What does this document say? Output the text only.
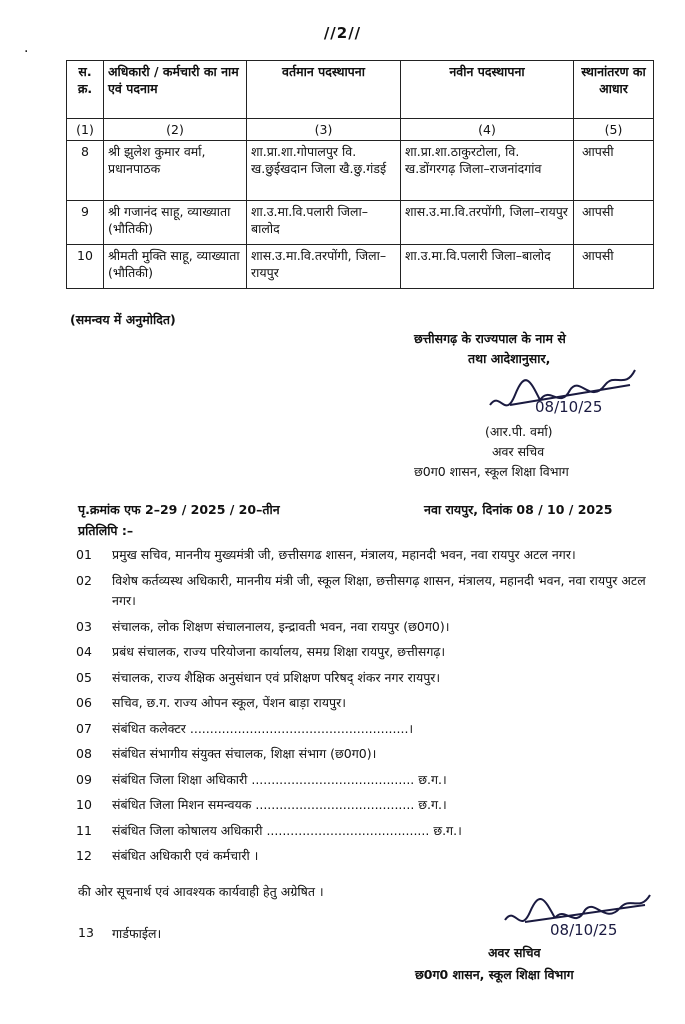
//2//
·
स. क्र.	अधिकारी / कर्मचारी का नाम एवं पदनाम	वर्तमान पदस्थापना	नवीन पदस्थापना	स्थानांतरण का आधार
(1)	(2)	(3)	(4)	(5)
8	श्री झुलेश कुमार वर्मा, प्रधानपाठक	शा.प्रा.शा.गोपालपुर वि. ख.छुईखदान जिला खै.छु.गंडई	शा.प्रा.शा.ठाकुरटोला, वि. ख.डोंगरगढ़ जिला–राजनांदगांव	आपसी
9	श्री गजानंद साहू, व्याख्याता (भौतिकी)	शा.उ.मा.वि.पलारी जिला–बालोद	शास.उ.मा.वि.तरपोंगी, जिला–रायपुर	आपसी
10	श्रीमती मुक्ति साहू, व्याख्याता (भौतिकी)	शास.उ.मा.वि.तरपोंगी, जिला–रायपुर	शा.उ.मा.वि.पलारी जिला–बालोद	आपसी
(समन्वय में अनुमोदित)
छत्तीसगढ़ के राज्यपाल के नाम से
तथा आदेशानुसार,
08/10/25
(आर.पी. वर्मा)
अवर सचिव
छ0ग0 शासन, स्कूल शिक्षा विभाग
पृ.क्रमांक एफ 2–29 / 2025 / 20–तीन	नवा रायपुर, दिनांक 08 / 10 / 2025
प्रतिलिपि :–
01	प्रमुख सचिव, माननीय मुख्यमंत्री जी, छत्तीसगढ शासन, मंत्रालय, महानदी भवन, नवा रायपुर अटल नगर।
02	विशेष कर्तव्यस्थ अधिकारी, माननीय मंत्री जी, स्कूल शिक्षा, छत्तीसगढ़ शासन, मंत्रालय, महानदी भवन, नवा रायपुर अटल नगर।
03	संचालक, लोक शिक्षण संचालनालय, इन्द्रावती भवन, नवा रायपुर (छ0ग0)।
04	प्रबंध संचालक, राज्य परियोजना कार्यालय, समग्र शिक्षा रायपुर, छत्तीसगढ़।
05	संचालक, राज्य शैक्षिक अनुसंधान एवं प्रशिक्षण परिषद् शंकर नगर रायपुर।
06	सचिव, छ.ग. राज्य ओपन स्कूल, पेंशन बाड़ा रायपुर।
07	संबंधित कलेक्टर .......................................................।
08	संबंधित संभागीय संयुक्त संचालक, शिक्षा संभाग (छ0ग0)।
09	संबंधित जिला शिक्षा अधिकारी ......................................... छ.ग.।
10	संबंधित जिला मिशन समन्वयक ........................................ छ.ग.।
11	संबंधित जिला कोषालय अधिकारी ......................................... छ.ग.।
12	संबंधित अधिकारी एवं कर्मचारी ।
की ओर सूचनार्थ एवं आवश्यक कार्यवाही हेतु अग्रेषित ।
13 गार्डफाईल।	08/10/25
अवर सचिव
छ0ग0 शासन, स्कूल शिक्षा विभाग
